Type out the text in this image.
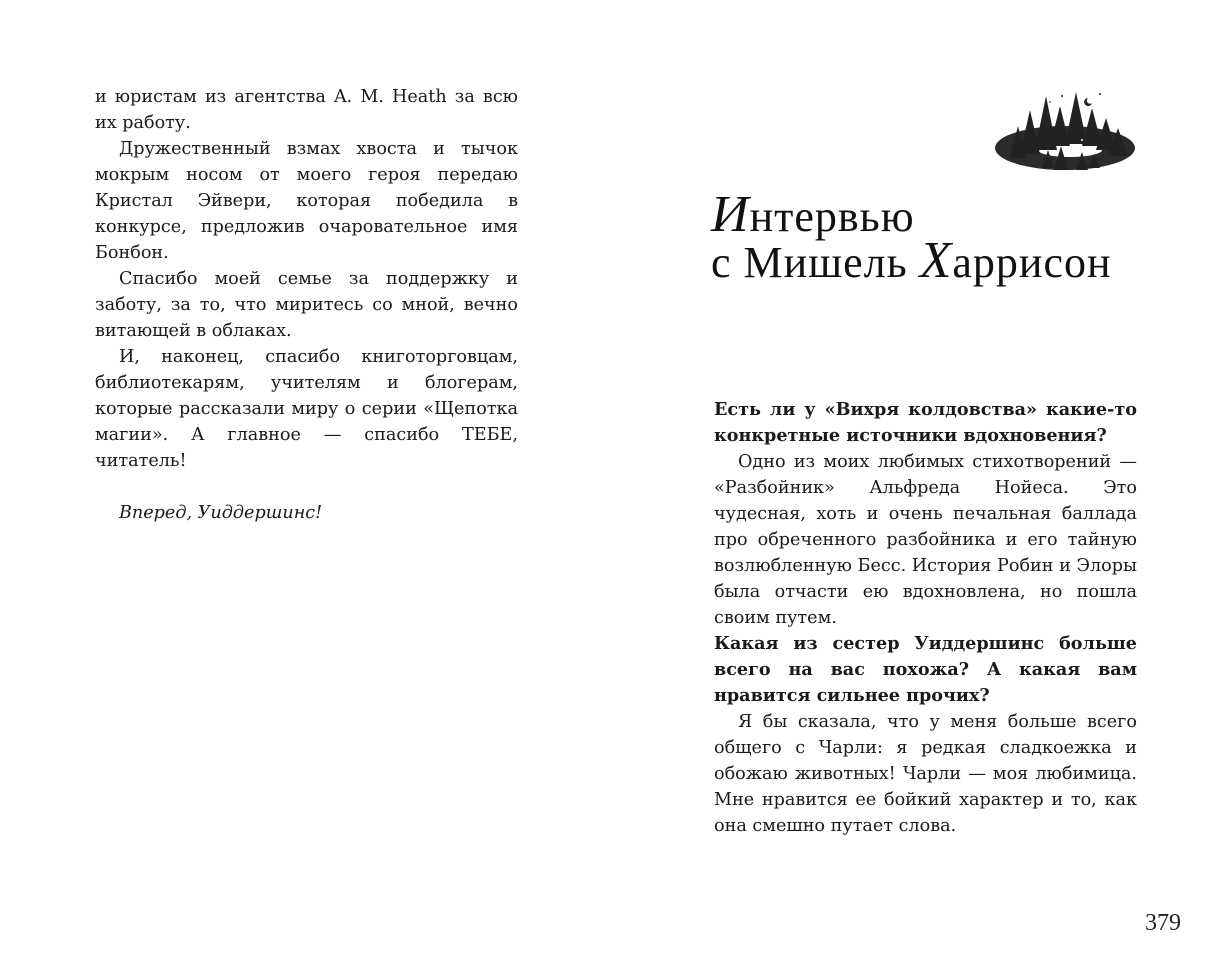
и юристам из агентства A. M. Heath за всю их работу.

Дружественный взмах хвоста и тычок мокрым носом от моего героя передаю Кристал Эйвери, которая победила в конкурсе, предложив очаровательное имя Бонбон.

Спасибо моей семье за поддержку и заботу, за то, что миритесь со мной, вечно витающей в облаках.

И, наконец, спасибо книготорговцам, библиотекарям, учителям и блогерам, которые рассказали миру о серии «Щепотка магии». А главное — спасибо ТЕБЕ, читатель!

Вперед, Уиддершинс!

Интервью
с Мишель Харрисон

Есть ли у «Вихря колдовства» какие-то конкретные источники вдохновения?

Одно из моих любимых стихотворений — «Разбойник» Альфреда Нойеса. Это чудесная, хоть и очень печальная баллада про обреченного разбойника и его тайную возлюбленную Бесс. История Робин и Элоры была отчасти ею вдохновлена, но пошла своим путем.

Какая из сестер Уиддершинс больше всего на вас похожа? А какая вам нравится сильнее прочих?

Я бы сказала, что у меня больше всего общего с Чарли: я редкая сладкоежка и обожаю животных! Чарли — моя любимица. Мне нравится ее бойкий характер и то, как она смешно путает слова.

379
